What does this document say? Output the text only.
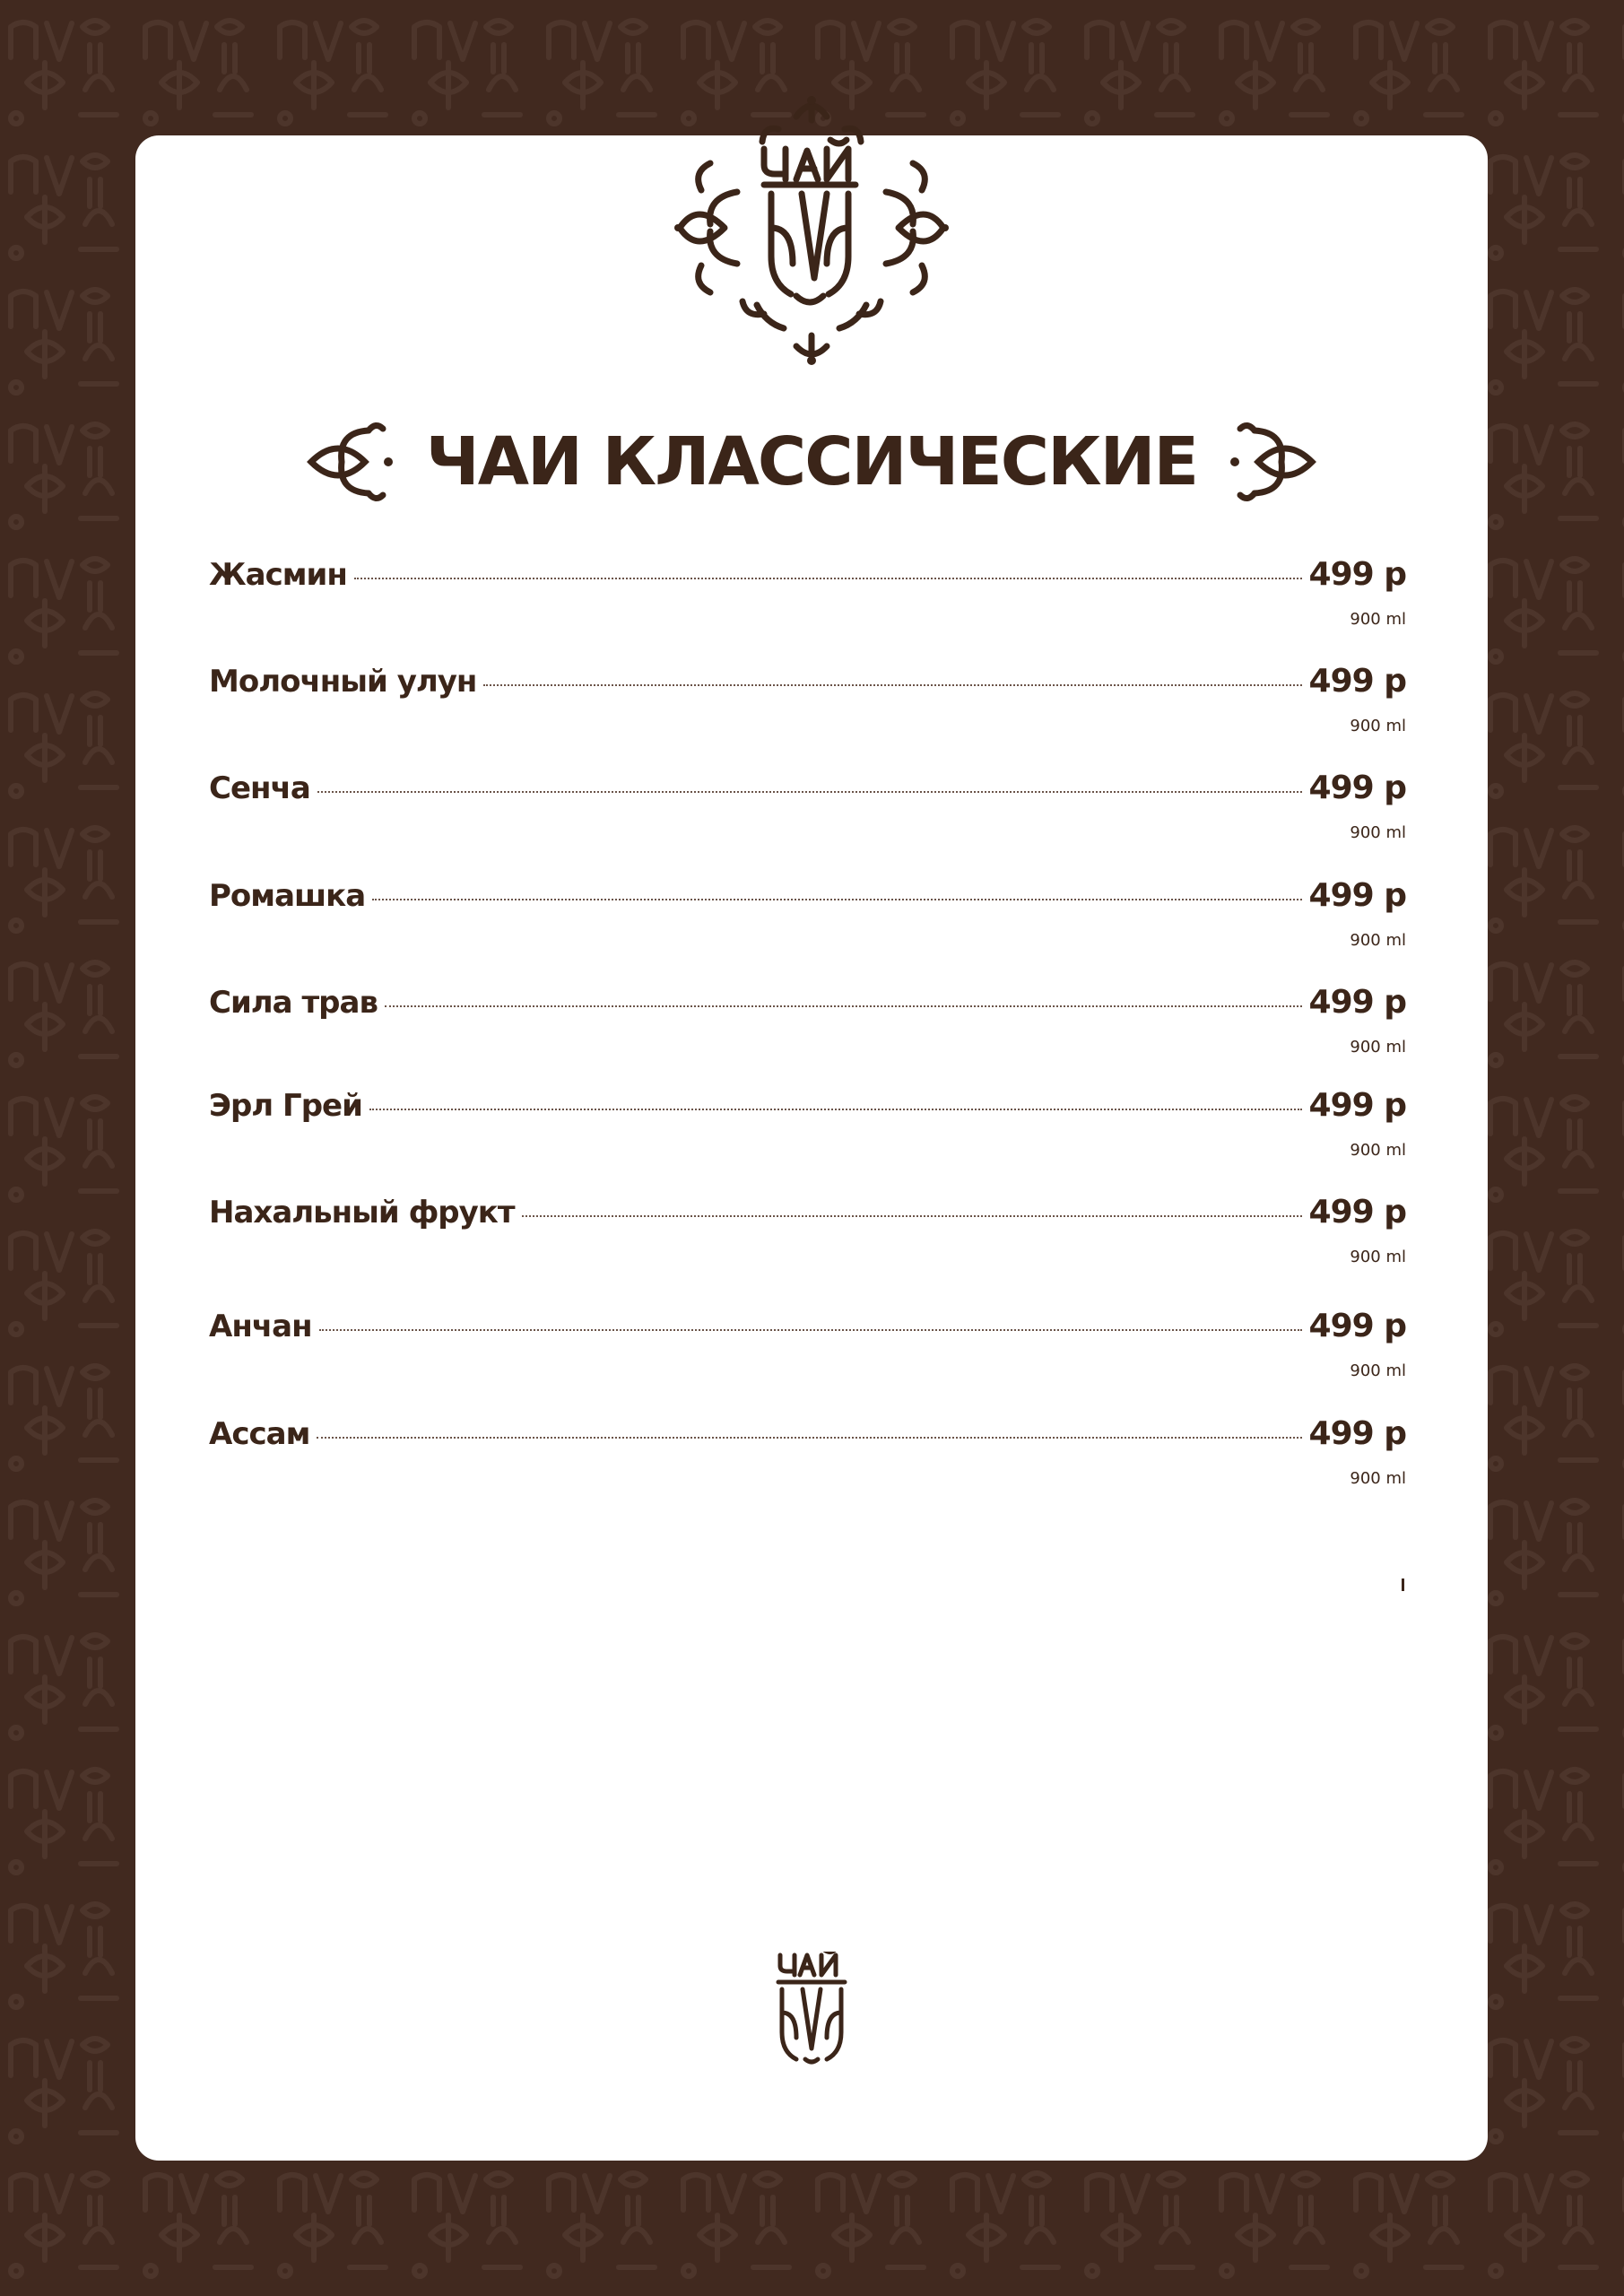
ЧАИ КЛАССИЧЕСКИЕ
Жасмин	499 р
900 ml
Молочный улун	499 р
900 ml
Сенча	499 р
900 ml
Ромашка	499 р
900 ml
Сила трав	499 р
900 ml
Эрл Грей	499 р
900 ml
Нахальный фрукт	499 р
900 ml
Анчан	499 р
900 ml
Ассам	499 р
900 ml
